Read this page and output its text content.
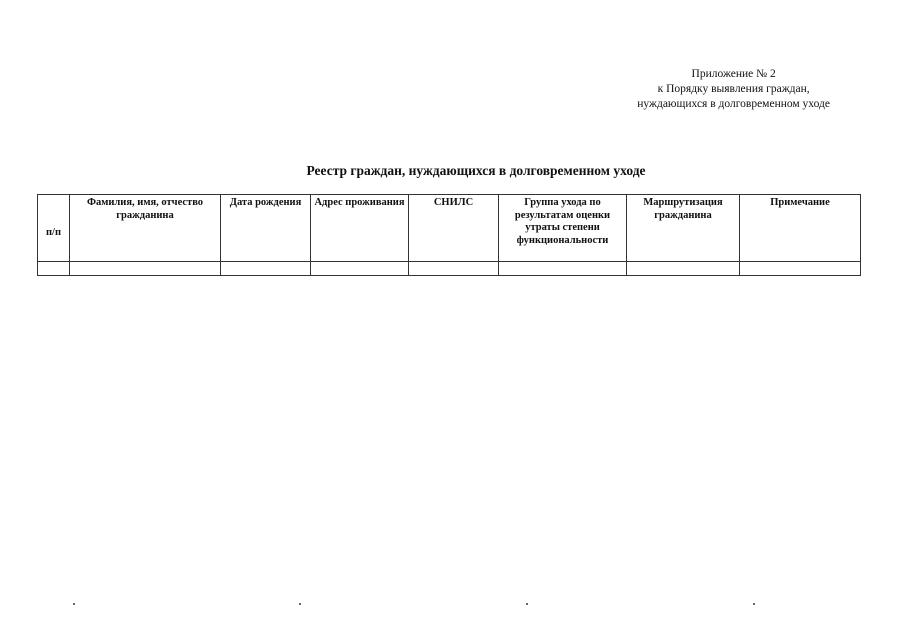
Приложение № 2
к Порядку выявления граждан,
нуждающихся в долговременном уходе
Реестр граждан, нуждающихся в долговременном уходе
п/п	Фамилия, имя, отчество гражданина	Дата рождения	Адрес проживания	СНИЛС	Группа ухода по результатам оценки утраты степени функциональности	Маршрутизация гражданина	Примечание
